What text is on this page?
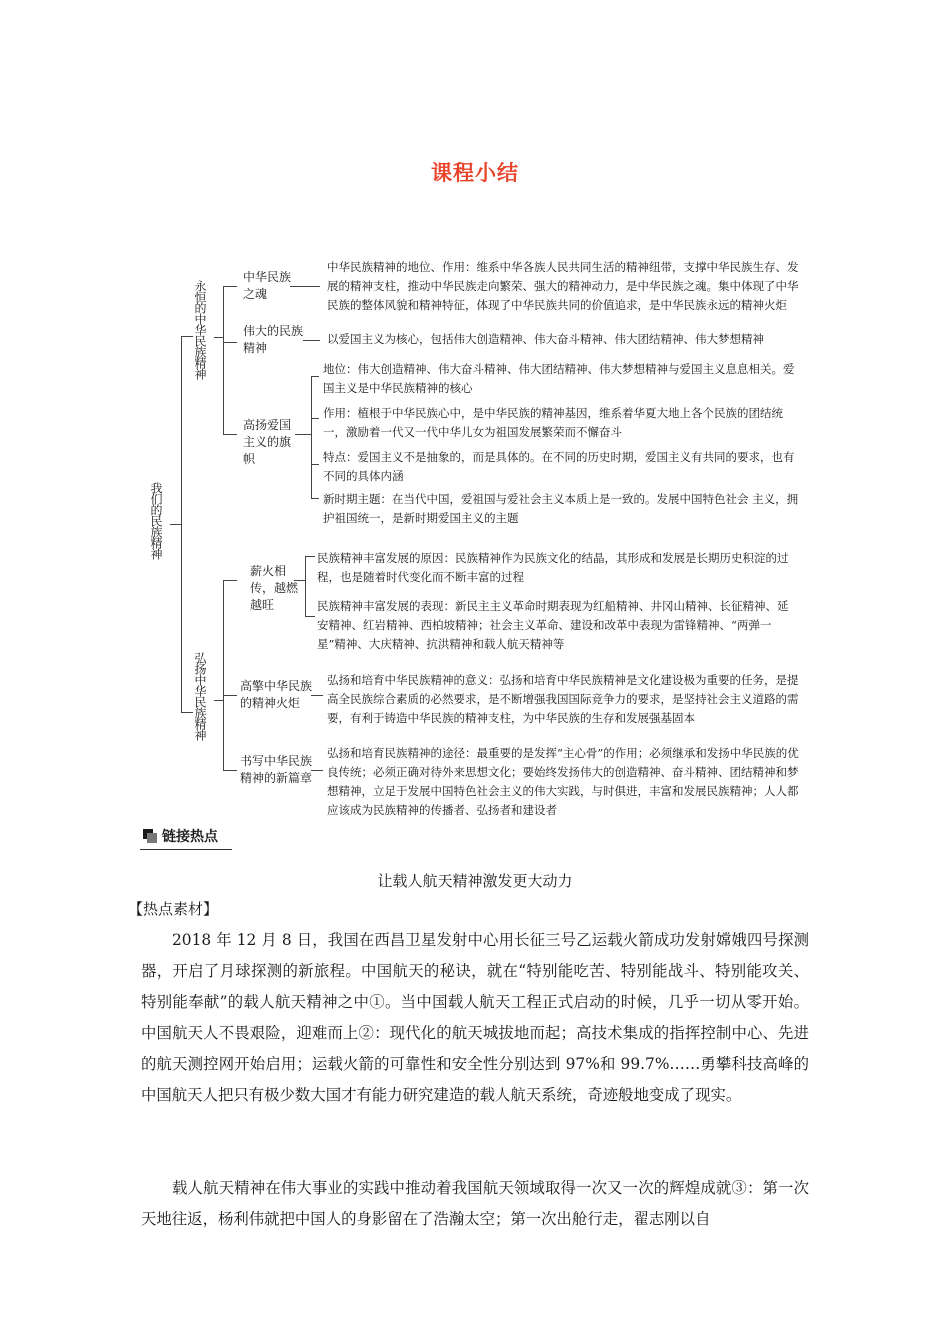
课程小结
我们的民族精神
永恒的中华民族精神
弘扬中华民族精神
中华民族之魂
伟大的民族精神
高扬爱国主义的旗帜
薪火相传，越燃越旺
高擎中华民族的精神火炬
书写中华民族精神的新篇章
中华民族精神的地位、作用：维系中华各族人民共同生活的精神纽带，支撑中华民族生存、发展的精神支柱，推动中华民族走向繁荣、强大的精神动力，是中华民族之魂。集中体现了中华民族的整体风貌和精神特征，体现了中华民族共同的价值追求，是中华民族永远的精神火炬
以爱国主义为核心，包括伟大创造精神、伟大奋斗精神、伟大团结精神、伟大梦想精神
地位：伟大创造精神、伟大奋斗精神、伟大团结精神、伟大梦想精神与爱国主义息息相关。爱国主义是中华民族精神的核心
作用：植根于中华民族心中，是中华民族的精神基因，维系着华夏大地上各个民族的团结统一，激励着一代又一代中华儿女为祖国发展繁荣而不懈奋斗
特点：爱国主义不是抽象的，而是具体的。在不同的历史时期，爱国主义有共同的要求，也有不同的具体内涵
新时期主题：在当代中国，爱祖国与爱社会主义本质上是一致的。发展中国特色社会 主义，拥护祖国统一，是新时期爱国主义的主题
民族精神丰富发展的原因：民族精神作为民族文化的结晶，其形成和发展是长期历史积淀的过程，也是随着时代变化而不断丰富的过程
民族精神丰富发展的表现：新民主主义革命时期表现为红船精神、井冈山精神、长征精神、延安精神、红岩精神、西柏坡精神；社会主义革命、建设和改革中表现为雷锋精神、“两弹一星”精神、大庆精神、抗洪精神和载人航天精神等
弘扬和培育中华民族精神的意义：弘扬和培育中华民族精神是文化建设极为重要的任务，是提高全民族综合素质的必然要求，是不断增强我国国际竞争力的要求，是坚持社会主义道路的需要，有利于铸造中华民族的精神支柱，为中华民族的生存和发展强基固本
弘扬和培育民族精神的途径：最重要的是发挥“主心骨”的作用；必须继承和发扬中华民族的优良传统；必须正确对待外来思想文化；要始终发扬伟大的创造精神、奋斗精神、团结精神和梦想精神，立足于发展中国特色社会主义的伟大实践，与时俱进，丰富和发展民族精神；人人都应该成为民族精神的传播者、弘扬者和建设者
链接热点
让载人航天精神激发更大动力
【热点素材】

2018 年 12 月 8 日，我国在西昌卫星发射中心用长征三号乙运载火箭成功发射嫦娥四号探测器，开启了月球探测的新旅程。中国航天的秘诀，就在“特别能吃苦、特别能战斗、特别能攻关、特别能奉献”的载人航天精神之中①。当中国载人航天工程正式启动的时候，几乎一切从零开始。中国航天人不畏艰险，迎难而上②：现代化的航天城拔地而起；高技术集成的指挥控制中心、先进的航天测控网开始启用；运载火箭的可靠性和安全性分别达到 97%和 99.7%……勇攀科技高峰的中国航天人把只有极少数大国才有能力研究建造的载人航天系统，奇迹般地变成了现实。

载人航天精神在伟大事业的实践中推动着我国航天领域取得一次又一次的辉煌成就③：第一次天地往返，杨利伟就把中国人的身影留在了浩瀚太空；第一次出舱行走，翟志刚以自
